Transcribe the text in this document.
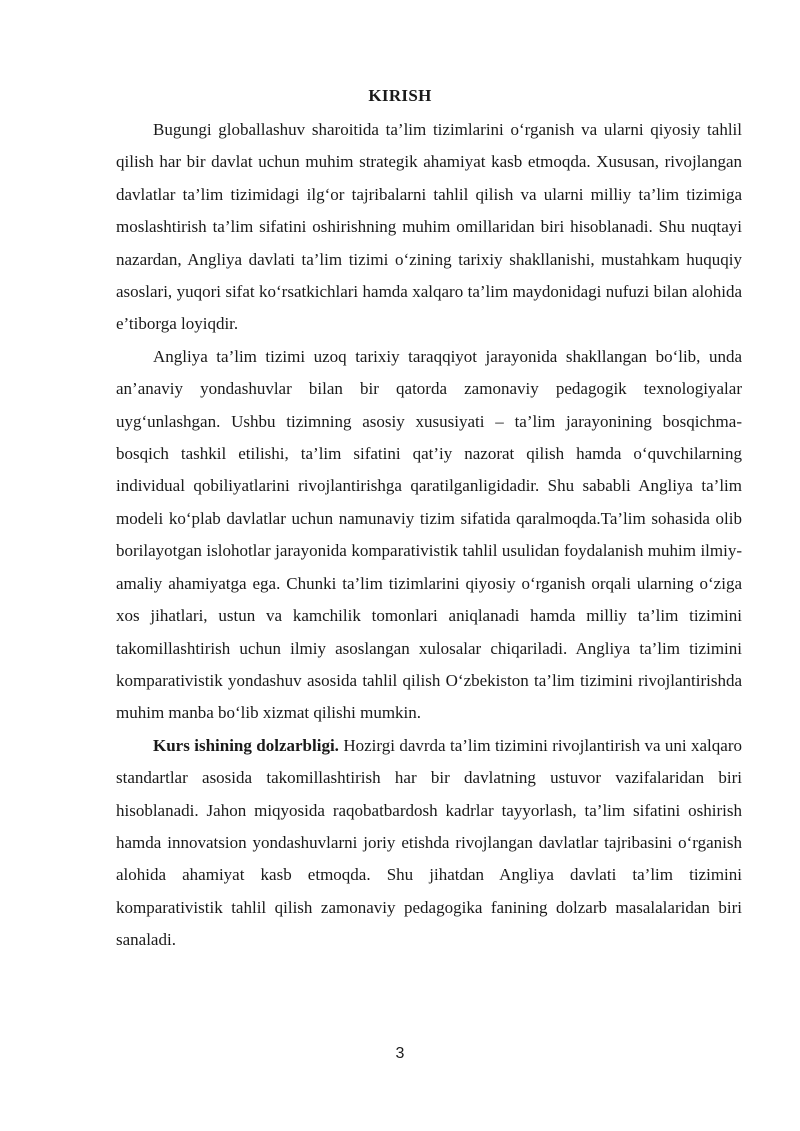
KIRISH

Bugungi globallashuv sharoitida ta’lim tizimlarini o‘rganish va ularni qiyosiy tahlil qilish har bir davlat uchun muhim strategik ahamiyat kasb etmoqda. Xususan, rivojlangan davlatlar ta’lim tizimidagi ilg‘or tajribalarni tahlil qilish va ularni milliy ta’lim tizimiga moslashtirish ta’lim sifatini oshirishning muhim omillaridan biri hisoblanadi. Shu nuqtayi nazardan, Angliya davlati ta’lim tizimi o‘zining tarixiy shakllanishi, mustahkam huquqiy asoslari, yuqori sifat ko‘rsatkichlari hamda xalqaro ta’lim maydonidagi nufuzi bilan alohida e’tiborga loyiqdir.

Angliya ta’lim tizimi uzoq tarixiy taraqqiyot jarayonida shakllangan bo‘lib, unda an’anaviy yondashuvlar bilan bir qatorda zamonaviy pedagogik texnologiyalar uyg‘unlashgan. Ushbu tizimning asosiy xususiyati – ta’lim jarayonining bosqichma-bosqich tashkil etilishi, ta’lim sifatini qat’iy nazorat qilish hamda o‘quvchilarning individual qobiliyatlarini rivojlantirishga qaratilganligidadir. Shu sababli Angliya ta’lim modeli ko‘plab davlatlar uchun namunaviy tizim sifatida qaralmoqda.Ta’lim sohasida olib borilayotgan islohotlar jarayonida komparativistik tahlil usulidan foydalanish muhim ilmiy-amaliy ahamiyatga ega. Chunki ta’lim tizimlarini qiyosiy o‘rganish orqali ularning o‘ziga xos jihatlari, ustun va kamchilik tomonlari aniqlanadi hamda milliy ta’lim tizimini takomillashtirish uchun ilmiy asoslangan xulosalar chiqariladi. Angliya ta’lim tizimini komparativistik yondashuv asosida tahlil qilish O‘zbekiston ta’lim tizimini rivojlantirishda muhim manba bo‘lib xizmat qilishi mumkin.

Kurs ishining dolzarbligi. Hozirgi davrda ta’lim tizimini rivojlantirish va uni xalqaro standartlar asosida takomillashtirish har bir davlatning ustuvor vazifalaridan biri hisoblanadi. Jahon miqyosida raqobatbardosh kadrlar tayyorlash, ta’lim sifatini oshirish hamda innovatsion yondashuvlarni joriy etishda rivojlangan davlatlar tajribasini o‘rganish alohida ahamiyat kasb etmoqda. Shu jihatdan Angliya davlati ta’lim tizimini komparativistik tahlil qilish zamonaviy pedagogika fanining dolzarb masalalaridan biri sanaladi.

3
